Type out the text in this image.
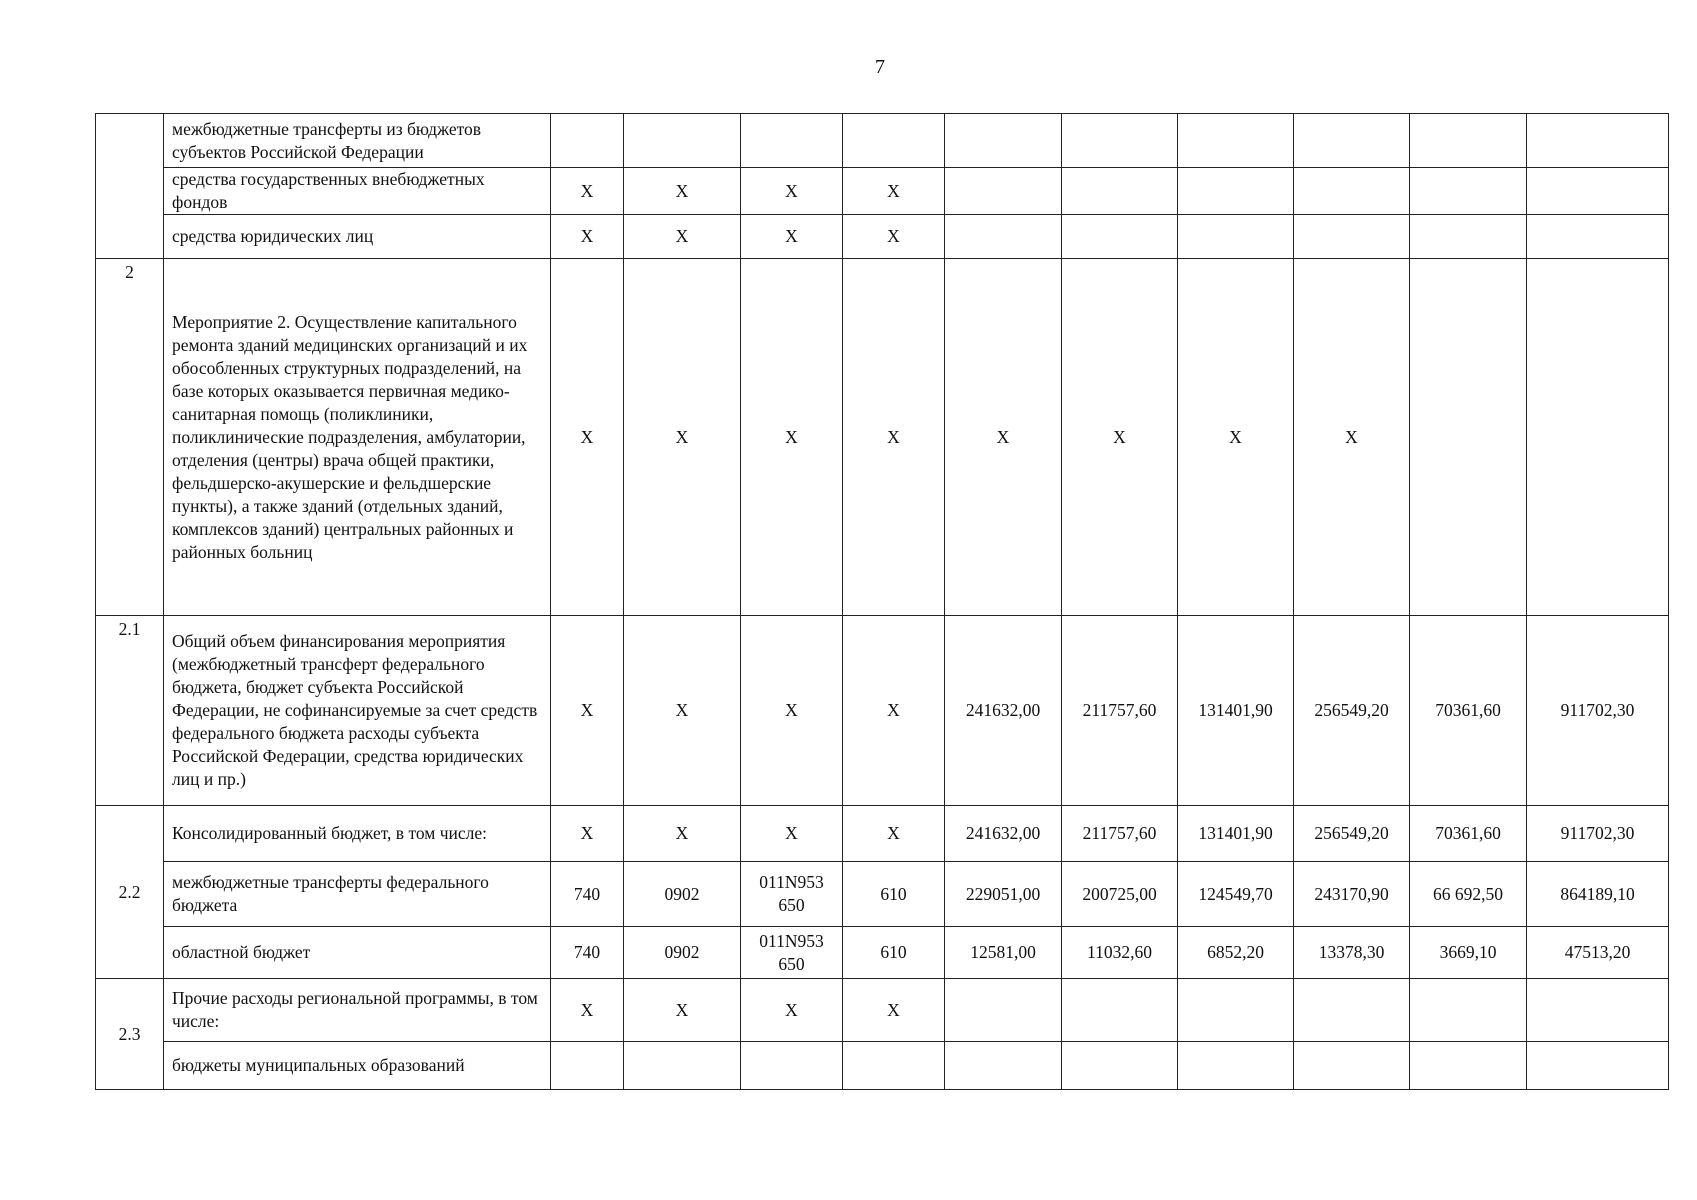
7
	межбюджетные трансферты из бюджетов субъектов Российской Федерации										
	средства государственных внебюджетных фондов	Х	Х	Х	Х						
	средства юридических лиц	Х	Х	Х	Х						
2	Мероприятие 2. Осуществление капитального ремонта зданий медицинских организаций и их обособленных структурных подразделений, на базе которых оказывается первичная медико-санитарная помощь (поликлиники, поликлинические подразделения, амбулатории, отделения (центры) врача общей практики, фельдшерско-акушерские и фельдшерские пункты), а также зданий (отдельных зданий, комплексов зданий) центральных районных и районных больниц	Х	Х	Х	Х	Х	Х	Х	Х		
2.1	Общий объем финансирования мероприятия (межбюджетный трансферт федерального бюджета, бюджет субъекта Российской Федерации, не софинансируемые за счет средств федерального бюджета расходы субъекта Российской Федерации, средства юридических лиц и пр.)	Х	Х	Х	Х	241632,00	211757,60	131401,90	256549,20	70361,60	911702,30
2.2	Консолидированный бюджет, в том числе:	Х	Х	Х	Х	241632,00	211757,60	131401,90	256549,20	70361,60	911702,30
	межбюджетные трансферты федерального бюджета	740	0902	011N953 650	610	229051,00	200725,00	124549,70	243170,90	66 692,50	864189,10
	областной бюджет	740	0902	011N953 650	610	12581,00	11032,60	6852,20	13378,30	3669,10	47513,20
2.3	Прочие расходы региональной программы, в том числе:	Х	Х	Х	Х						
	бюджеты муниципальных образований										
